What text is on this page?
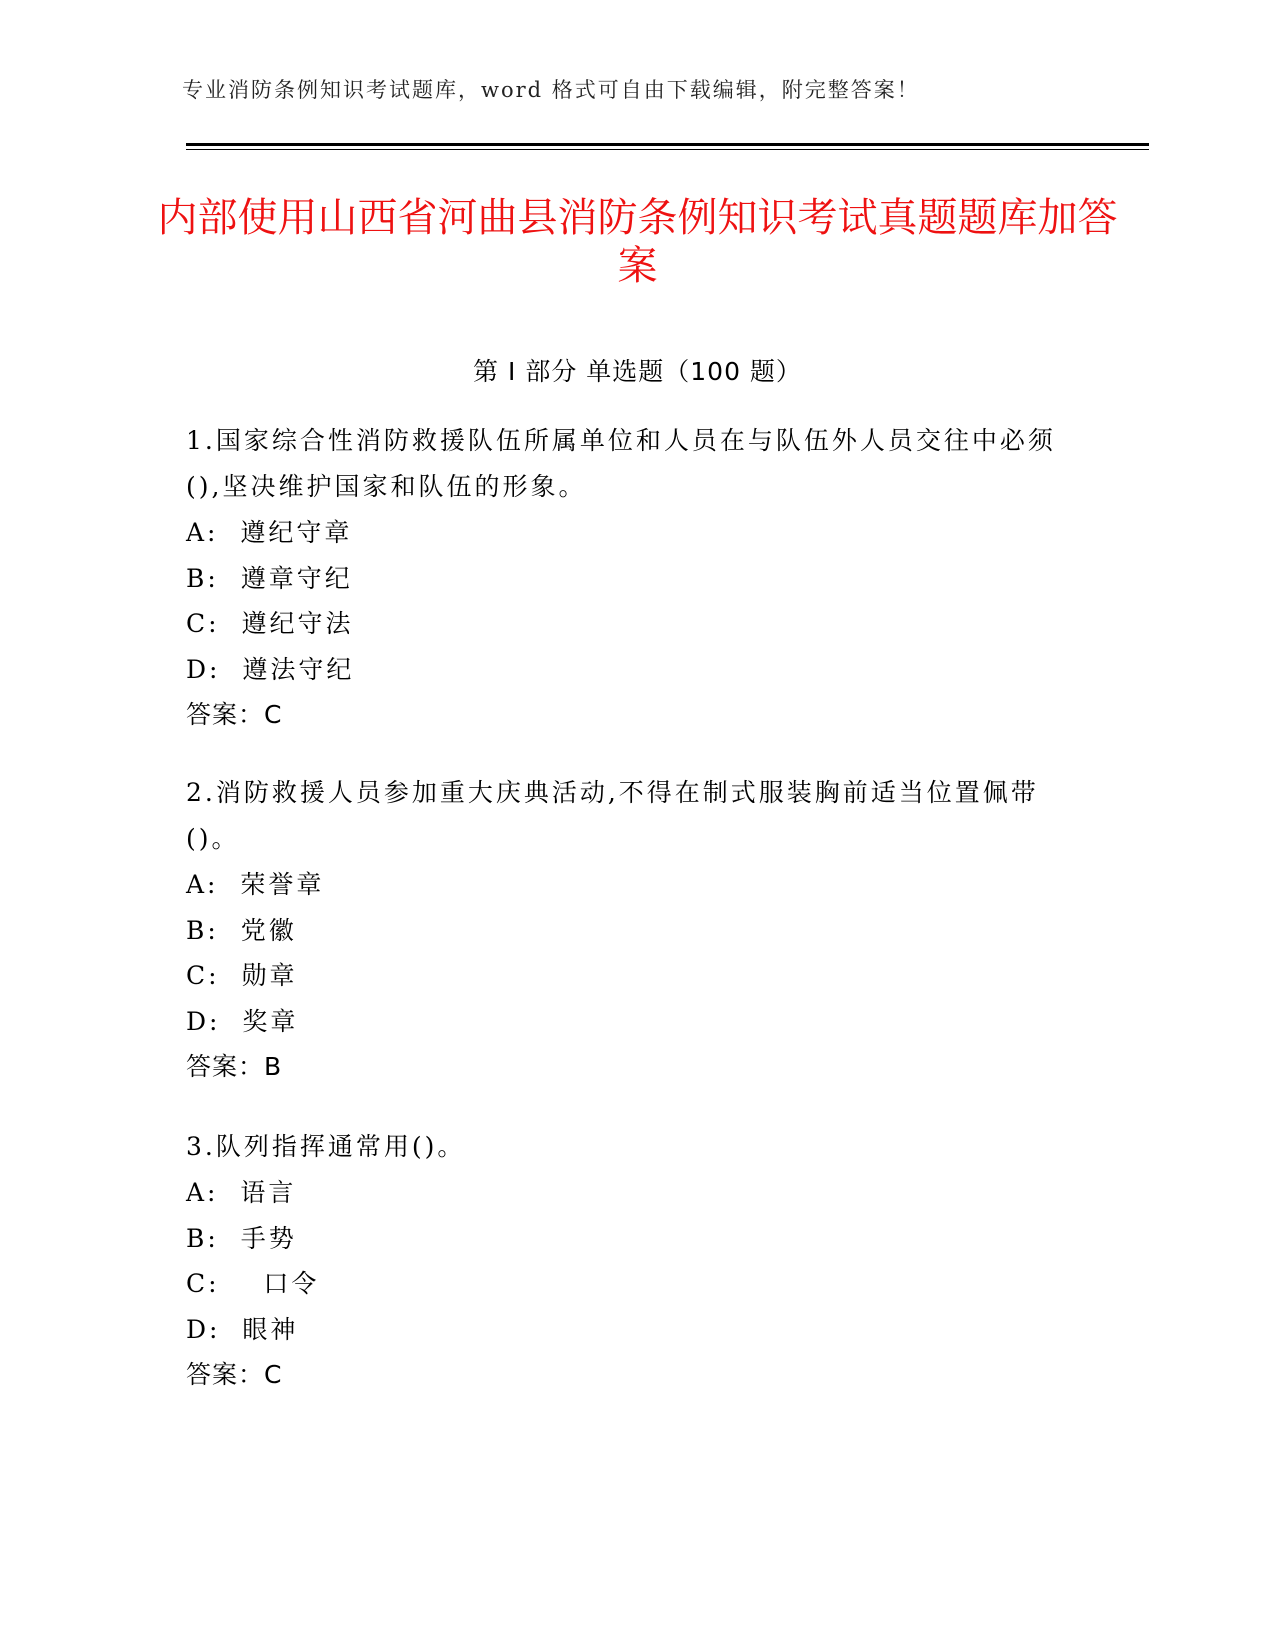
专业消防条例知识考试题库，word 格式可自由下载编辑，附完整答案！
内部使用山西省河曲县消防条例知识考试真题题库加答案
第 I 部分 单选题（100 题）
1.国家综合性消防救援队伍所属单位和人员在与队伍外人员交往中必须(),坚决维护国家和队伍的形象。
A:  遵纪守章
B:  遵章守纪
C:  遵纪守法
D:  遵法守纪
答案：C
2.消防救援人员参加重大庆典活动,不得在制式服装胸前适当位置佩带()。
A:  荣誉章
B:  党徽
C:  勋章
D:  奖章
答案：B
3.队列指挥通常用()。
A:  语言
B:  手势
C:    口令
D:  眼神
答案：C
